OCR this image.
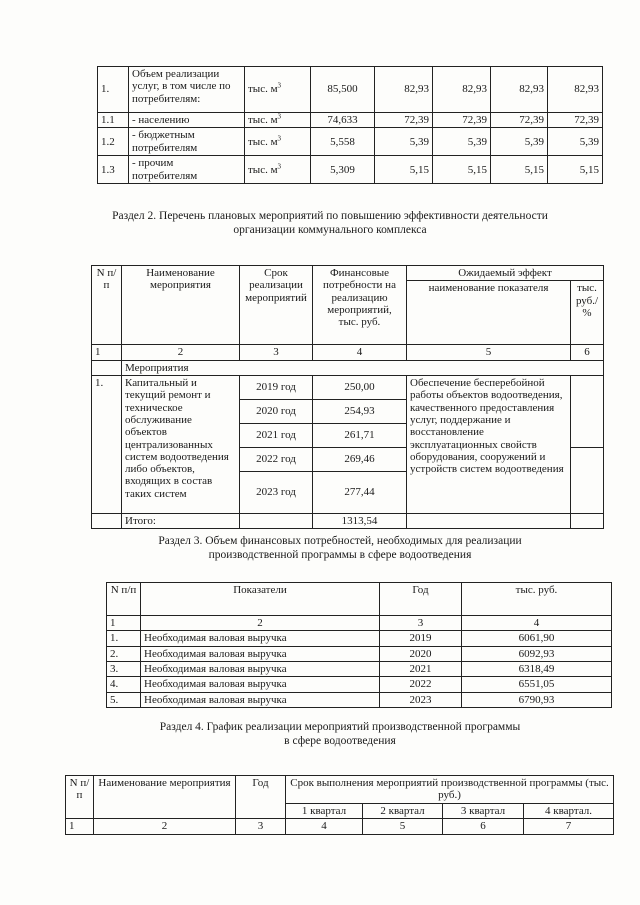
1.	Объем реализации услуг, в том числе по потребителям:	тыс. $м^3$	85,500	82,93	82,93	82,93	82,93
1.1	- населению	тыс. $м^3$	74,633	72,39	72,39	72,39	72,39
1.2	- бюджетным потребителям	тыс. $м^3$	5,558	5,39	5,39	5,39	5,39
1.3	- прочим потребителям	тыс. $м^3$	5,309	5,15	5,15	5,15	5,15
Раздел 2. Перечень плановых мероприятий по повышению эффективности деятельности
организации коммунального комплекса
N п/п	Наименование мероприятия	Срок реализации мероприятий	Финансовые потребности на реализацию мероприятий, тыс. руб.	Ожидаемый эффект	
				наименование показателя	тыс. руб./ %
1	2	3	4	5	6
	Мероприятия				
1.	Капитальный и текущий ремонт и техническое обслуживание объектов централизованных систем водоотведения либо объектов, входящих в состав таких систем	2019 год	250,00	Обеспечение бесперебойной работы объектов водоотведения, качественного предоставления услуг, поддержание и восстановление эксплуатационных свойств оборудования, сооружений и устройств систем водоотведения	
		2020 год	254,93		
		2021 год	261,71		
		2022 год	269,46		
		2023 год	277,44		
	Итого:		1313,54		
Раздел 3. Объем финансовых потребностей, необходимых для реализации
производственной программы в сфере водоотведения
N п/п	Показатели	Год	тыс. руб.
1	2	3	4
1.	Необходимая валовая выручка	2019	6061,90
2.	Необходимая валовая выручка	2020	6092,93
3.	Необходимая валовая выручка	2021	6318,49
4.	Необходимая валовая выручка	2022	6551,05
5.	Необходимая валовая выручка	2023	6790,93
Раздел 4. График реализации мероприятий производственной программы
в сфере водоотведения
N п/ п	Наименование мероприятия	Год	Срок выполнения мероприятий производственной программы (тыс. руб.)			
			1 квартал	2 квартал	3 квартал	4 квартал.
1	2	3	4	5	6	7
